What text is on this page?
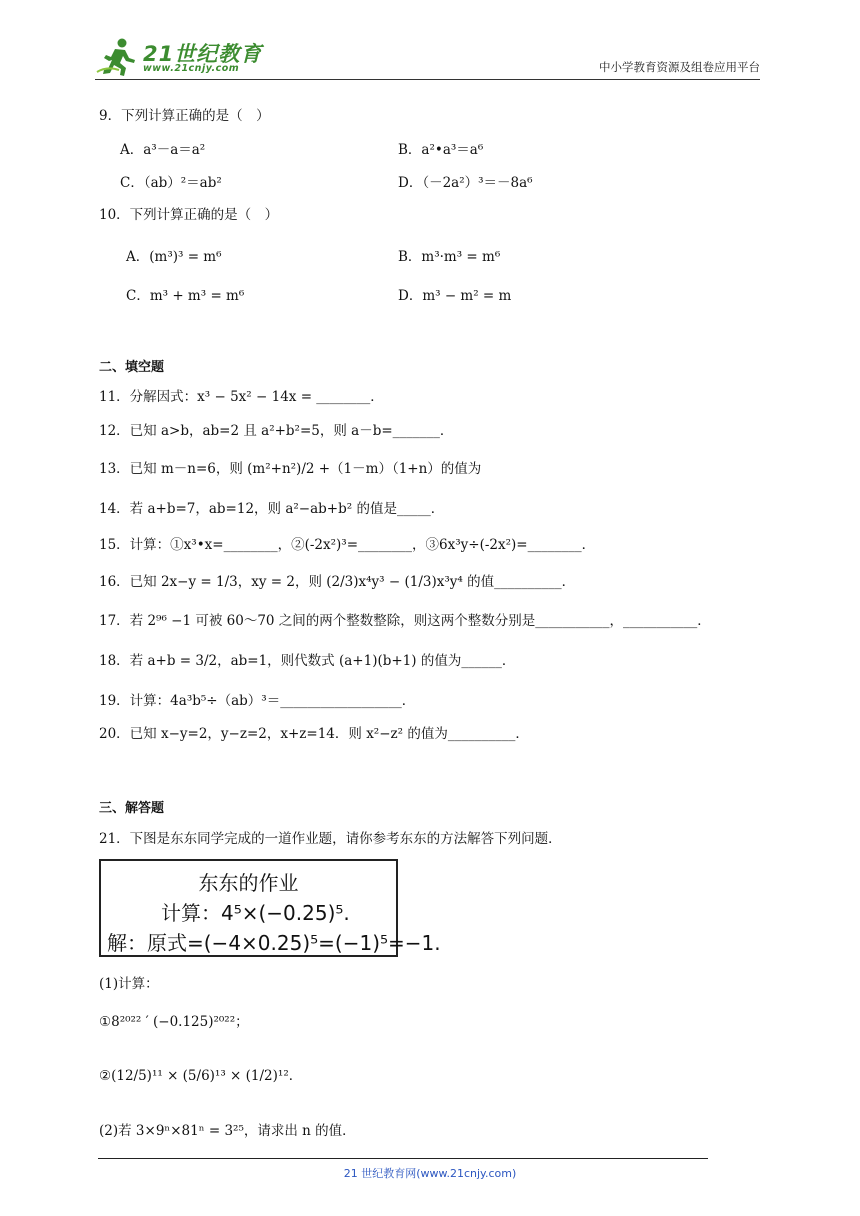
21世纪教育
www.21cnjy.com	中小学教育资源及组卷应用平台
9．下列计算正确的是（　）
A．a³－a＝a²	B．a²•a³＝a⁶
C．（ab）²＝ab²	D．（－2a²）³＝－8a⁶
10．下列计算正确的是（　）
A．(m³)³ = m⁶	B．m³·m³ = m⁶
C．m³ + m³ = m⁶	D．m³ − m² = m
二、填空题
11．分解因式：x³ − 5x² − 14x = ________．
12．已知 a>b，ab=2 且 a²+b²=5，则 a－b=_______．
13．已知 m－n=6，则 (m²+n²)/2 +（1－m）（1+n）的值为
14．若 a+b=7，ab=12，则 a²−ab+b² 的值是_____．
15．计算：①x³•x=________，②(-2x²)³=________，③6x³y÷(-2x²)=________．
16．已知 2x−y = 1/3，xy = 2，则 (2/3)x⁴y³ − (1/3)x³y⁴ 的值__________．
17．若 2⁹⁶ −1 可被 60～70 之间的两个整数整除，则这两个整数分别是___________，___________．
18．若 a+b = 3/2，ab=1，则代数式 (a+1)(b+1) 的值为______．
19．计算：4a³b⁵÷（ab）³＝__________________．
20．已知 x−y=2，y−z=2，x+z=14．则 x²−z² 的值为__________．
三、解答题
21．下图是东东同学完成的一道作业题，请你参考东东的方法解答下列问题．
东东的作业
计算：4⁵×(−0.25)⁵.
解：原式=(−4×0.25)⁵=(−1)⁵=−1.
(1)计算：
①8²⁰²² ′ (−0.125)²⁰²²；
②(12/5)¹¹ × (5/6)¹³ × (1/2)¹²．
(2)若 3×9ⁿ×81ⁿ = 3²⁵，请求出 n 的值．
21 世纪教育网(www.21cnjy.com)
